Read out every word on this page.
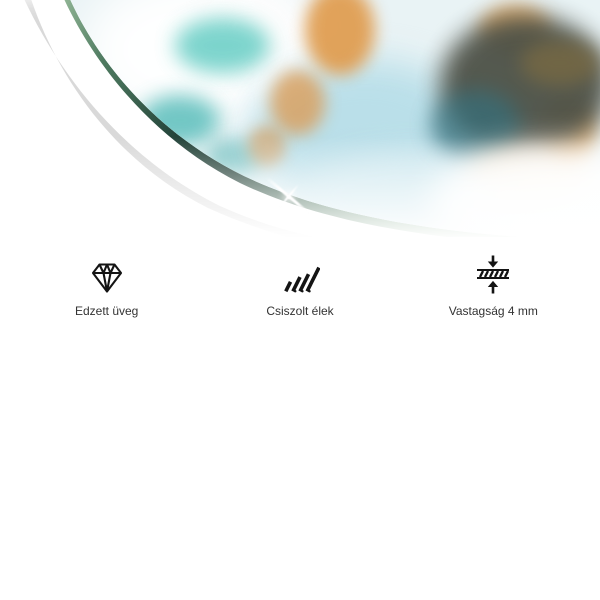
Edzett üveg	Csiszolt élek	Vastagság 4 mm
